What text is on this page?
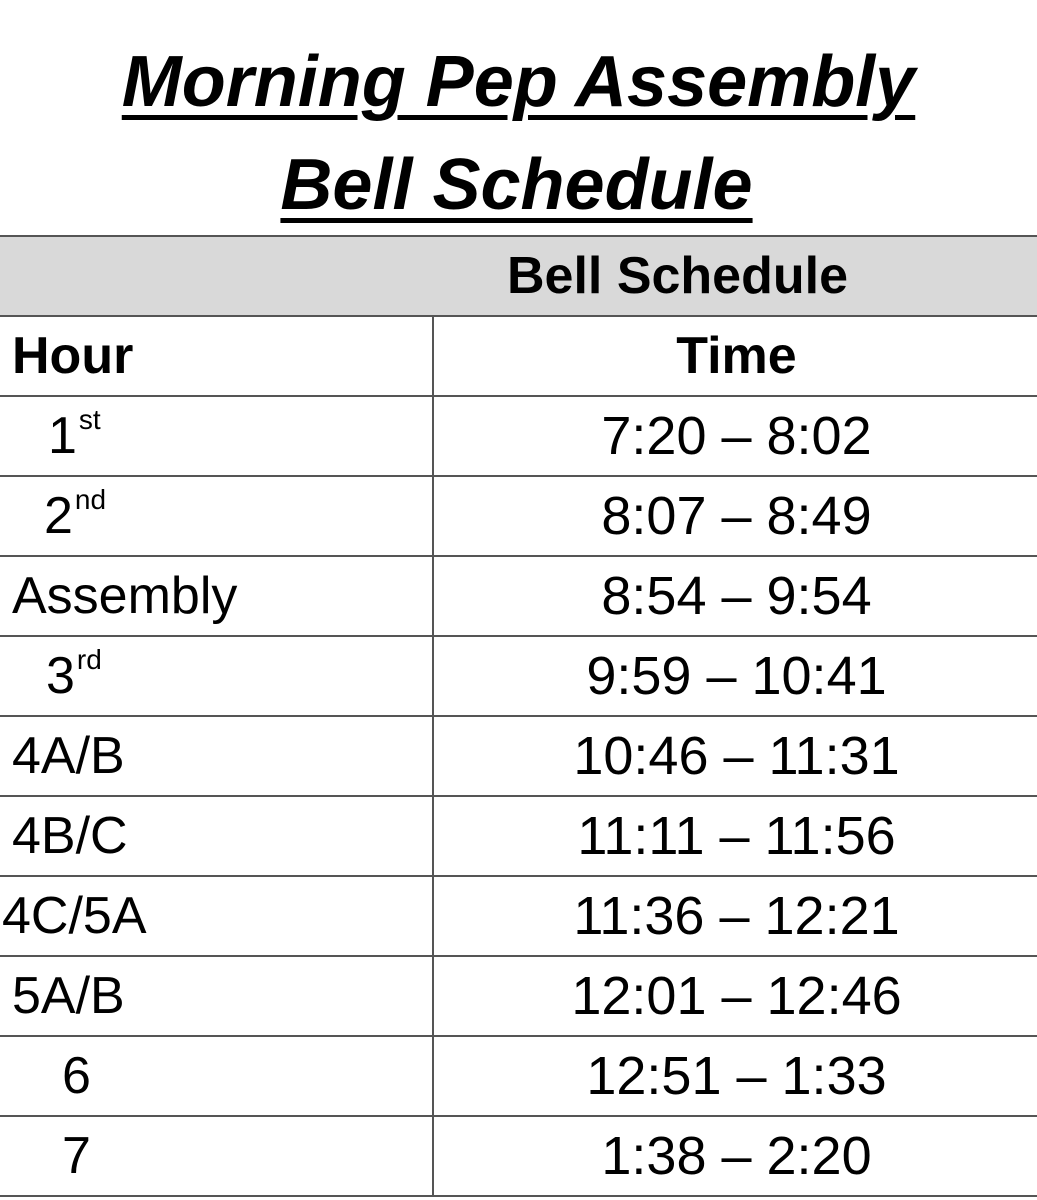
Morning Pep Assembly
Bell Schedule
Bell Schedule	
Hour	Time
1st	7:20 – 8:02
2nd	8:07 – 8:49
Assembly	8:54 – 9:54
3rd	9:59 – 10:41
4A/B	10:46 – 11:31
4B/C	11:11 – 11:56
4C/5A	11:36 – 12:21
5A/B	12:01 – 12:46
6	12:51 – 1:33
7	1:38 – 2:20
